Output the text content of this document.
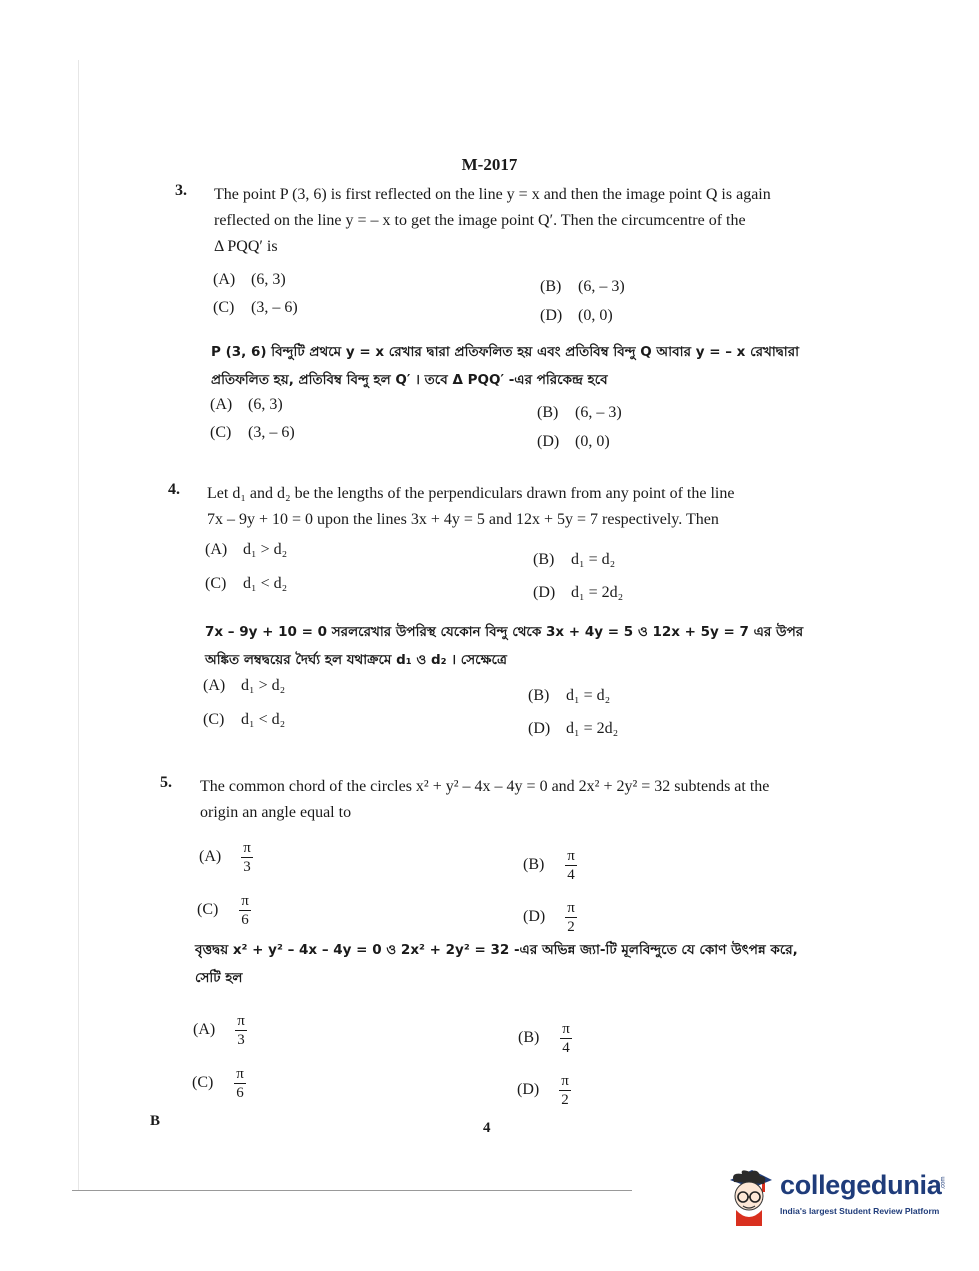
M-2017
3. The point P (3, 6) is first reflected on the line y = x and then the image point Q is again
reflected on the line y = – x to get the image point Q′. Then the circumcentre of the
Δ PQQ′ is
(A) (6, 3)	(B) (6, – 3)
(C) (3, – 6)	(D) (0, 0)
P (3, 6) বিন্দুটি প্রথমে y = x রেখার দ্বারা প্রতিফলিত হয় এবং প্রতিবিম্ব বিন্দু Q আবার y = – x রেখাদ্বারা
প্রতিফলিত হয়, প্রতিবিম্ব বিন্দু হল Q′ । তবে Δ PQQ′ -এর পরিকেন্দ্র হবে
(A) (6, 3)	(B) (6, – 3)
(C) (3, – 6)
(D) (0, 0)
4. Let d₁ and d₂ be the lengths of the perpendiculars drawn from any point of the line
7x – 9y + 10 = 0 upon the lines 3x + 4y = 5 and 12x + 5y = 7 respectively. Then
(A) d₁ > d₂
(B) d₁ = d₂
(C) d₁ < d₂
(D) d₁ = 2d₂
7x – 9y + 10 = 0 সরলরেখার উপরিস্থ যেকোন বিন্দু থেকে 3x + 4y = 5 ও 12x + 5y = 7 এর উপর
অঙ্কিত লম্বদ্বয়ের দৈর্ঘ্য হল যথাক্রমে d₁ ও d₂ । সেক্ষেত্রে
(A) d₁ > d₂
(B) d₁ = d₂
(C) d₁ < d₂
(D) d₁ = 2d₂
5. The common chord of the circles x² + y² – 4x – 4y = 0 and 2x² + 2y² = 32 subtends at the
origin an angle equal to
$(A) \frac{\pi}{3}$	$(B) \frac{\pi}{4}$
$(C) \frac{\pi}{6}$	$(D) \frac{\pi}{2}$
বৃত্তদ্বয় x² + y² – 4x – 4y = 0 ও 2x² + 2y² = 32 -এর অভিন্ন জ্যা-টি মূলবিন্দুতে যে কোণ উৎপন্ন করে,
সেটি হল
$(A) \frac{\pi}{3}$	$(B) \frac{\pi}{4}$
$(C) \frac{\pi}{6}$	$(D) \frac{\pi}{2}$
B	4
collegedunia .com
India's largest Student Review Platform
